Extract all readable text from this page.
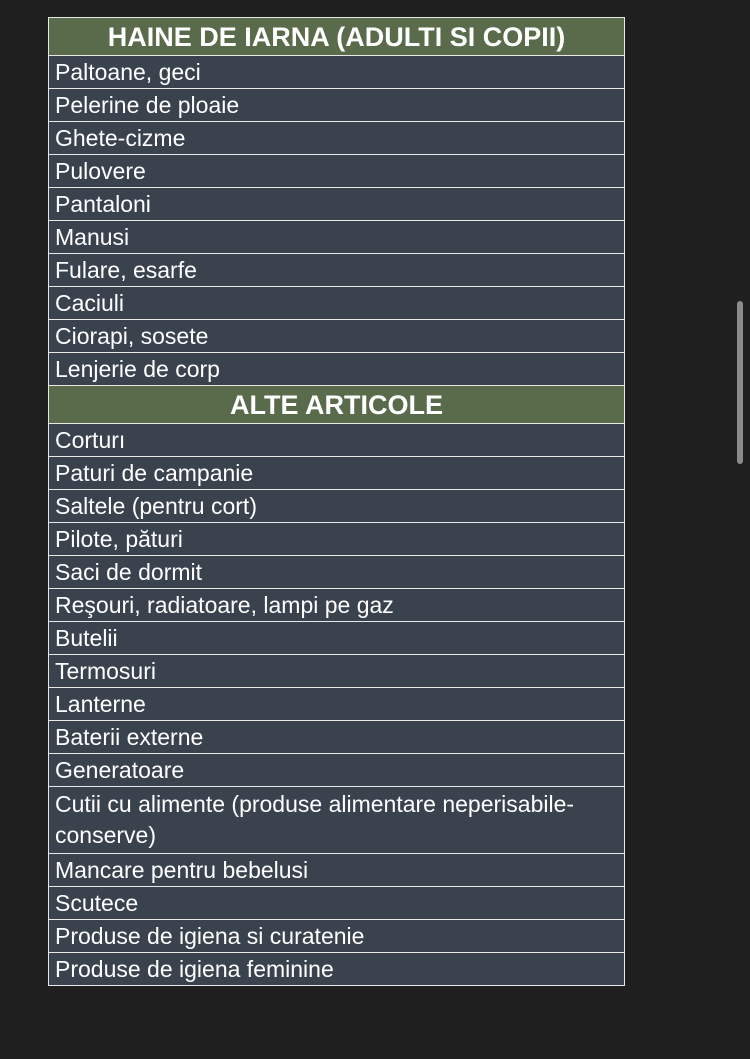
HAINE DE IARNA (ADULTI SI COPII)
Paltoane, geci
Pelerine de ploaie
Ghete-cizme
Pulovere
Pantaloni
Manusi
Fulare, esarfe
Caciuli
Ciorapi, sosete
Lenjerie de corp
ALTE ARTICOLE
Corturı
Paturi de campanie
Saltele (pentru cort)
Pilote, pături
Saci de dormit
Reşouri, radiatoare, lampi pe gaz
Butelii
Termosuri
Lanterne
Baterii externe
Generatoare
Cutii cu alimente (produse alimentare neperisabile-conserve)
Mancare pentru bebelusi
Scutece
Produse de igiena si curatenie
Produse de igiena feminine
